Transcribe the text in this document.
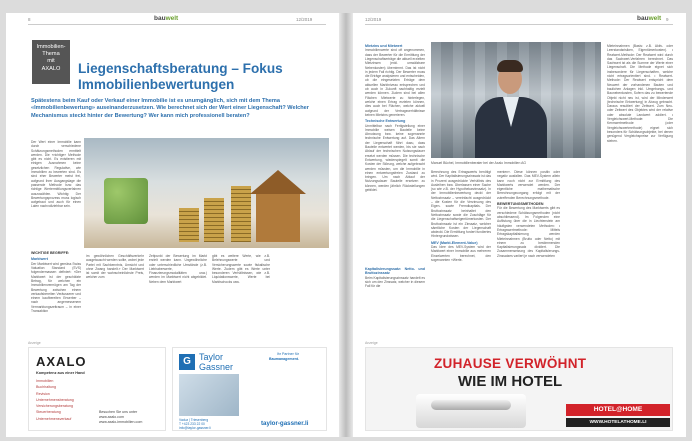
8	bauwelt	12/2019
Immobilien-
Thema
mit
AXALO	Liegenschaftsberatung – Fokus Immobilienbewertungen
Spätestens beim Kauf oder Verkauf einer Immobilie ist es unumgänglich, sich mit dem Thema «Immobilienbewertung» auseinanderzusetzen. Wie berechnet sich der Wert einer Liegenschaft? Welcher Mechanismus steckt hinter der Bewertung? Wer kann mich professionell beraten?
Der Wert einer Immobilie kann durch verschiedene Schätzungsmethoden ermittelt werden. Die «richtige» Methode gibt es nicht. Es existieren mit einigen Ausnahmen keine gesetzlichen Regulative, wie Immobilien zu bewerten sind. Es sind eher Bewerter meist frei, aufgrund ihrer Ausgangslage die passende Methode bzw. das richtige Wertermittlungsverfahren auszuwählen. Wichtig: Der Bewertungsprozess muss logisch aufgebaut und auch für einen Laien nachvollziehbar sein.
WICHTIGE BEGRIFFE:
Marktwert
Der Marktwert wird gemäss Swiss Valuation Standard (SVS) folgendermassen definiert: «Der Marktwert ist der geschätzte Betrag, für welchen ein Immobilienvermögen am Tag der Bewertung zwischen einem verkaufsbereiten Veräusserer und einem kaufbereiten Erwerber – nach angemessenem Vermarktungszeitraum – in einer Transaktion
im gewöhnlichen Geschäftsverkehr ausgetauscht werden sollte, wobei jede Partei mit Sachkenntnis, Umsicht und ohne Zwang handelt.» Der Marktwert ist somit der wahrscheinlichste Preis, welcher zum
Zeitpunkt der Bewertung im Markt erzielt werden kann. Ungewöhnliche oder unterschiedliche Umstände (z.B. Liebhaberwerte, Finanzierungsmodalitäten usw.) werden im Marktwert nicht abgebildet. Neben dem Marktwert
gibt es weitere Werte, wie z.B. Belehnungswerte und Versicherungswerte sowie fiskalische Werte. Zudem gibt es Werte unter besonderen Verhältnissen, wie z.B. Liquidationswerte, Werte bei Marktschocks usw.
Anzeige
AXALO
Kompetenz aus einer Hand
Immobilien
Buchhaltung
Revision
Unternehmensberatung
Versicherungsberatung
Steuerberatung
Unternehmensverkauf
Besuchen Sie uns unter
www.axalo.com
www.axalo-immobilien.com
G Taylor
Gassner
Ihr Partner für
Baumanagement.
Vaduz | Triesenberg
T +423 233 22 00
info@taylor-gassner.li
taylor-gassner.li
12/2019	bauwelt 9
Mietzins und Mietwert
Immobilienwerte sind oft angenommen, dass der Bewerter für die Ermittlung der Liegenschaftserträge die aktuell erzielten Mietzinsen (exkl. umwälzbare Nebenkosten) übernimmt. Das ist nicht in jedem Fall richtig. Der Bewerter muss die Erträge analysieren und entscheiden, ob die eingesetzten Erträge dem aktuellen Marktniveau entsprechen und ob auch in Zukunft nachhaltig erzielt werden können. Zudem sind bei allen Flächen Mietwerte zu hinterlegen, welche einen Ertrag erzielen können, dies auch bei Flächen, welche aktuell aufgrund der Vertragsverhältnisse keinen Mietzins generieren.
Technische Entwertung
Unmittelbar nach Fertigstellung einer Immobilie weisen Bauteile keine Abnutzung bzw. keine sogenannte technische Entwertung auf. Das Altern der Liegenschaft führt dazu, dass Bauteile entwertet werden, bis sie nach Ablauf der technischen Nutzungsdauer ersetzt werden müssen. Die technische Entwertung, wiederspiegelt somit die Kosten der Störung, welche aufgebracht werden müssten, um die Immobilie in einen entwertungsfreien Zustand zu bringen. Um nach Ablauf der Nutzungsdauer Bauteile ersetzen zu können, werden jährlich Rückstellungen gebildet.
Kapitalisierungssatz: Netto- und Bruttozinssatz
Beim Kapitalisierungszinssatz handelt es sich um den Zinssatz, welcher in diesem Fall für die
Manuel Büchel, Immobilienberater bei der Axalo Immobilien AG
Berechnung des Ertragswerts benötigt wird. Der Kapitalisierungszinssatz ist das in Prozent ausgedrückte Verhältnis des Ausleihen bzw. Überlassen einer Sache (so wie z.B. der Hypothekarzinssatz). In der Immobilienbewertung deckt der Nettozinssatz – vereinfacht ausgedrückt – die Kosten für die Verzinsung des Eigen- sowie Fremdkapitals. Der Bruttozinssatz beinhaltet den Nettozinssatz sowie die Zuschläge für die Liegenschaftseigentümerkosten. Der Bruttozinssatz ist ein Zinssatz, welcher sämtliche Kosten der Liegenschaft abdeckt. Die Ermittlung fordert fundiertes Hintergrundwissen.
MEV (Markt-Element-Value)
Das Idee des MEV-System wird der Marktwert einer Immobilie aus mehreren Einzelwerten berechnet, den sogenannten «Werte-
menten». Diese können positiv oder negativ ausfallen. Das MEV-System allein kann noch nicht zur Ermittlung des Marktwerts verwendet werden. Der eigentliche mathematische Berechnungsvorgang erfolgt mit der zutreffenden Berechnungsmethode.
BEWERTUNGSMETHODEN
Für die Bewertung des Marktwerts gibt es verschiedene Schätzungsmethoden (nicht abschliessend). Im Folgenden eine Auflistung über die in Liechtenstein am häufigsten verwendeten Methoden: • Ertragswertmethode: Mittels Ertragskapitalisierung werden Mieteinnahmen (Brutto oder Netto) mit einem zu bestimmenden Kapitalisierungssatz dividiert. Die Zusammensetzung des Kapitalisierungs-Zinssatzes variiert je nach verwendeten
Mieteinnahmen (Basis: z.B. Aktiv- oder Leerstandsrisiken, Eigentümerkosten). • Realwert-Methode: Der Realwert wird durch das Sachwert-Verfahren berechnet. Das Sachwert ist als die Summe der Werte einer Liegenschaft. Die Methode eignet sich insbesondere für Liegenschaften, welche nicht ertragsorientiert sind. • Realwert-Methode: Der Realwert entspricht dem Neuwert der vorhandenen Bauten und baulichen Anlagen inkl. Umgebungs- und Baunebenkosten, Sofern das zu bewertende Objekt nicht neu ist, wird der Minderwert (technische Entwertung) in Abzug gebracht. Daraus resultiert der Zeitwert. Zum Neu- oder Zeitwert des Objektes wird der relative oder absolute Landwert addiert. • Vergleichswert-Methode: Die Kennwertmethode (oder Vergleichswertmethode) eignet sich besonders für Schätzungsobjekte, bei denen genügend Vergleichspreise zur Verfügung stehen.
Anzeige
ZUHAUSE VERWÖHNT
WIE IM HOTEL
HOTEL@HOME
WWW.HOTELATHOME.LI
